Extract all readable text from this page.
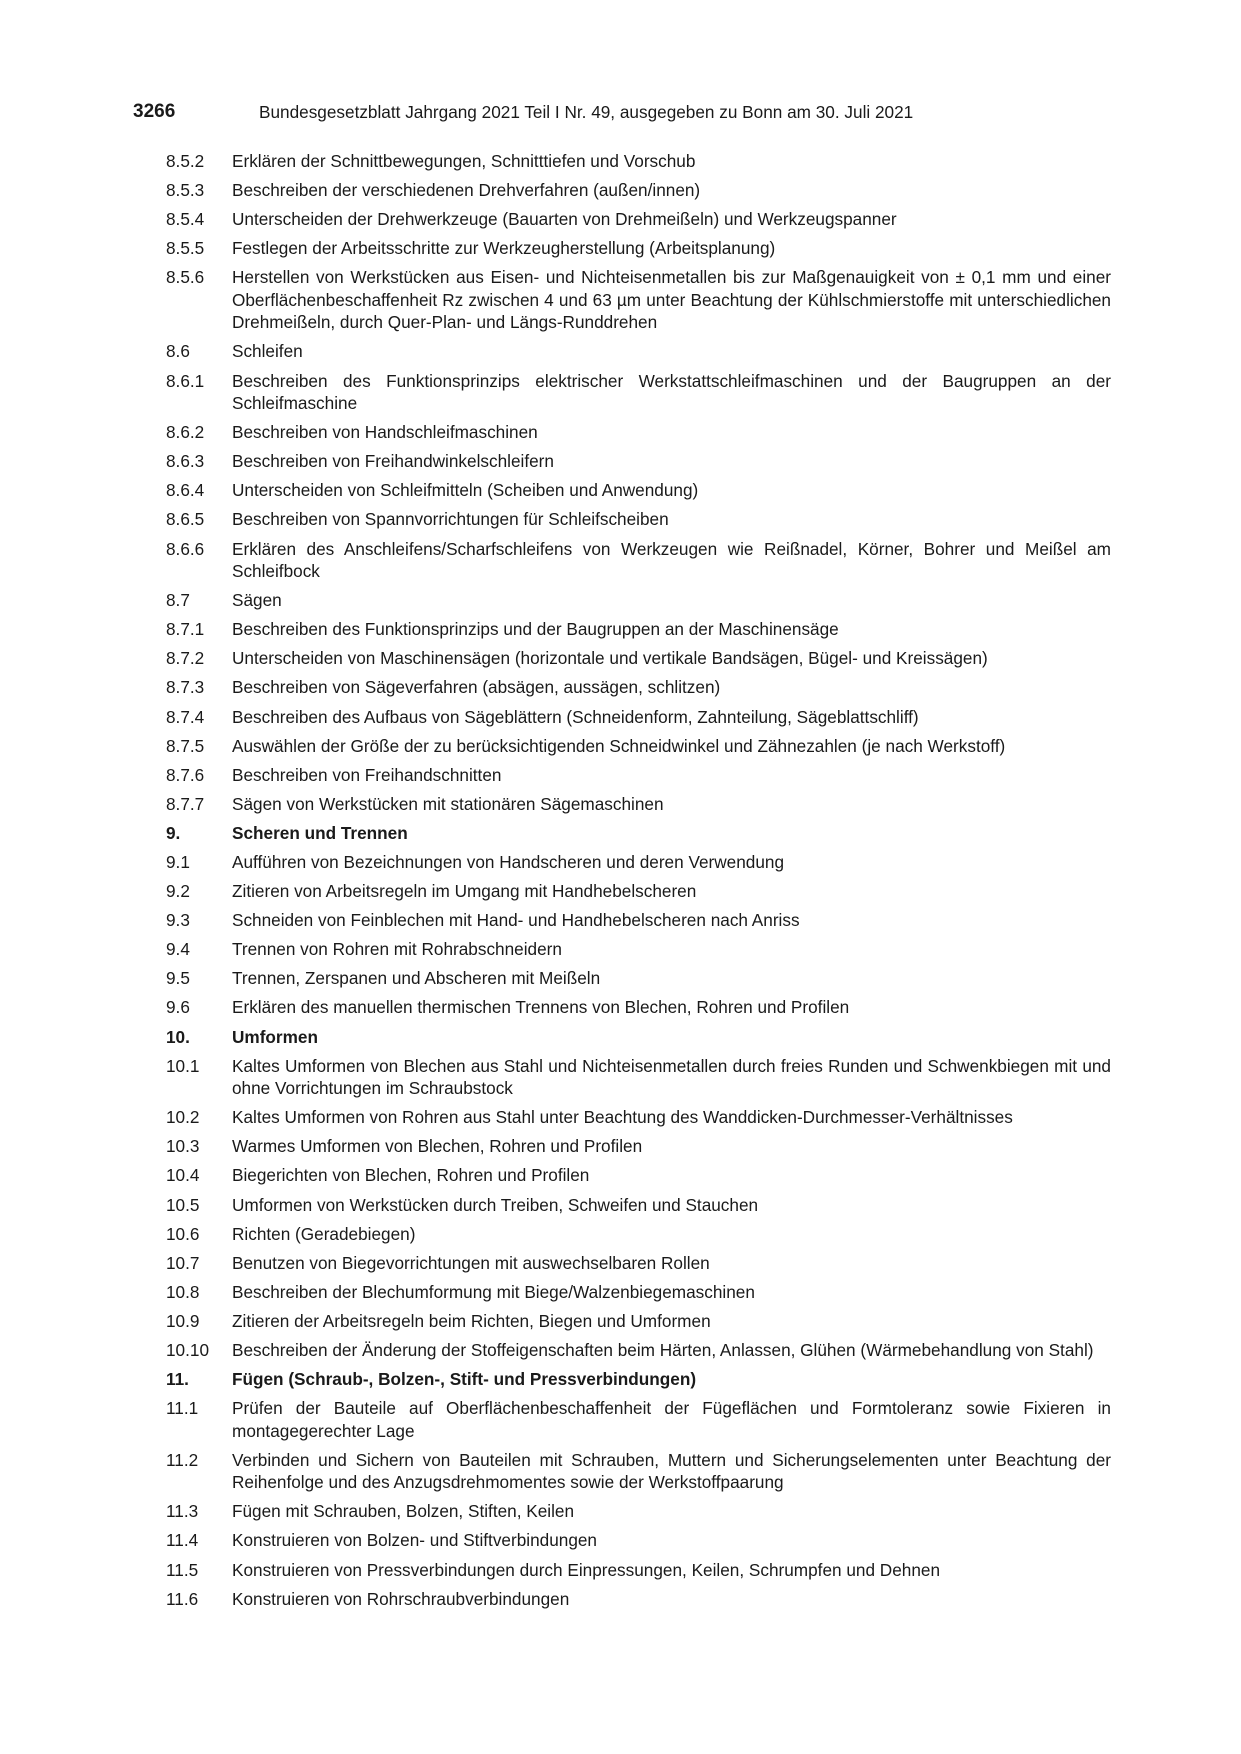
3266	Bundesgesetzblatt Jahrgang 2021 Teil I Nr. 49, ausgegeben zu Bonn am 30. Juli 2021
8.5.2	Erklären der Schnittbewegungen, Schnitttiefen und Vorschub
8.5.3	Beschreiben der verschiedenen Drehverfahren (außen/innen)
8.5.4	Unterscheiden der Drehwerkzeuge (Bauarten von Drehmeißeln) und Werkzeugspanner
8.5.5	Festlegen der Arbeitsschritte zur Werkzeugherstellung (Arbeitsplanung)
8.5.6	Herstellen von Werkstücken aus Eisen- und Nichteisenmetallen bis zur Maßgenauigkeit von ± 0,1 mm und einer Oberflächenbeschaffenheit Rz zwischen 4 und 63 µm unter Beachtung der Kühlschmierstoffe mit unterschiedlichen Drehmeißeln, durch Quer-Plan- und Längs-Runddrehen
8.6	Schleifen
8.6.1	Beschreiben des Funktionsprinzips elektrischer Werkstattschleifmaschinen und der Baugruppen an der Schleifmaschine
8.6.2	Beschreiben von Handschleifmaschinen
8.6.3	Beschreiben von Freihandwinkelschleifern
8.6.4	Unterscheiden von Schleifmitteln (Scheiben und Anwendung)
8.6.5	Beschreiben von Spannvorrichtungen für Schleifscheiben
8.6.6	Erklären des Anschleifens/Scharfschleifens von Werkzeugen wie Reißnadel, Körner, Bohrer und Meißel am Schleifbock
8.7	Sägen
8.7.1	Beschreiben des Funktionsprinzips und der Baugruppen an der Maschinensäge
8.7.2	Unterscheiden von Maschinensägen (horizontale und vertikale Bandsägen, Bügel- und Kreissägen)
8.7.3	Beschreiben von Sägeverfahren (absägen, aussägen, schlitzen)
8.7.4	Beschreiben des Aufbaus von Sägeblättern (Schneidenform, Zahnteilung, Sägeblattschliff)
8.7.5	Auswählen der Größe der zu berücksichtigenden Schneidwinkel und Zähnezahlen (je nach Werkstoff)
8.7.6	Beschreiben von Freihandschnitten
8.7.7	Sägen von Werkstücken mit stationären Sägemaschinen
9.	Scheren und Trennen
9.1	Aufführen von Bezeichnungen von Handscheren und deren Verwendung
9.2	Zitieren von Arbeitsregeln im Umgang mit Handhebelscheren
9.3	Schneiden von Feinblechen mit Hand- und Handhebelscheren nach Anriss
9.4	Trennen von Rohren mit Rohrabschneidern
9.5	Trennen, Zerspanen und Abscheren mit Meißeln
9.6	Erklären des manuellen thermischen Trennens von Blechen, Rohren und Profilen
10.	Umformen
10.1	Kaltes Umformen von Blechen aus Stahl und Nichteisenmetallen durch freies Runden und Schwenkbiegen mit und ohne Vorrichtungen im Schraubstock
10.2	Kaltes Umformen von Rohren aus Stahl unter Beachtung des Wanddicken-Durchmesser-Verhältnisses
10.3	Warmes Umformen von Blechen, Rohren und Profilen
10.4	Biegerichten von Blechen, Rohren und Profilen
10.5	Umformen von Werkstücken durch Treiben, Schweifen und Stauchen
10.6	Richten (Geradebiegen)
10.7	Benutzen von Biegevorrichtungen mit auswechselbaren Rollen
10.8	Beschreiben der Blechumformung mit Biege/Walzenbiegemaschinen
10.9	Zitieren der Arbeitsregeln beim Richten, Biegen und Umformen
10.10	Beschreiben der Änderung der Stoffeigenschaften beim Härten, Anlassen, Glühen (Wärmebehandlung von Stahl)
11.	Fügen (Schraub-, Bolzen-, Stift- und Pressverbindungen)
11.1	Prüfen der Bauteile auf Oberflächenbeschaffenheit der Fügeflächen und Formtoleranz sowie Fixieren in montagegerechter Lage
11.2	Verbinden und Sichern von Bauteilen mit Schrauben, Muttern und Sicherungselementen unter Beachtung der Reihenfolge und des Anzugsdrehmomentes sowie der Werkstoffpaarung
11.3	Fügen mit Schrauben, Bolzen, Stiften, Keilen
11.4	Konstruieren von Bolzen- und Stiftverbindungen
11.5	Konstruieren von Pressverbindungen durch Einpressungen, Keilen, Schrumpfen und Dehnen
11.6	Konstruieren von Rohrschraubverbindungen
